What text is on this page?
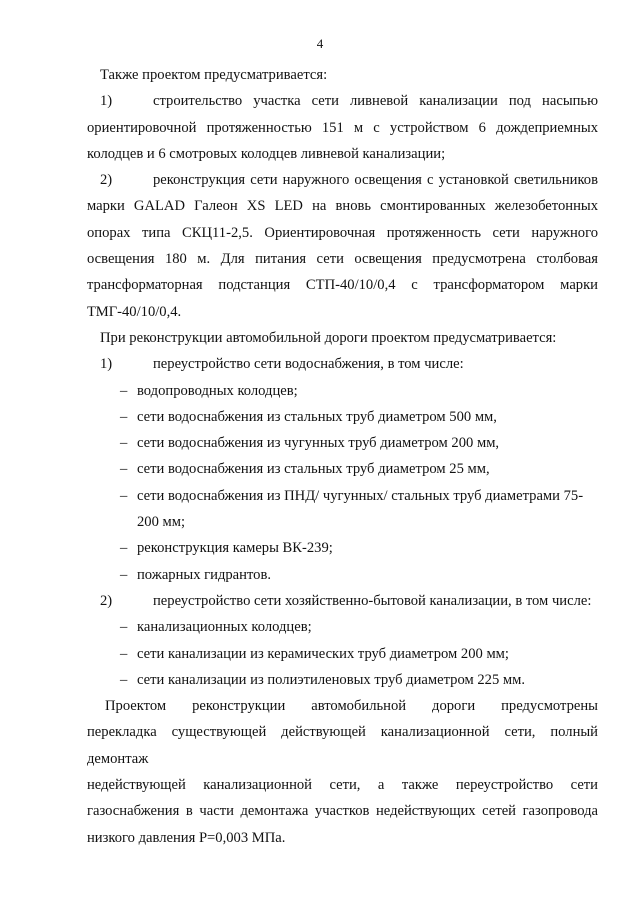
4

Также проектом предусматривается:

1)	строительство участка сети ливневой канализации под насыпью

ориентировочной протяженностью 151 м с устройством 6 дождеприемных колодцев и 6 смотровых колодцев ливневой канализации;

2)	реконструкция сети наружного освещения с установкой светильников

марки GALAD Галеон XS LED на вновь смонтированных железобетонных опорах типа СКЦ11-2,5. Ориентировочная протяженность сети наружного освещения 180 м. Для питания сети освещения предусмотрена столбовая трансформаторная подстанция СТП-40/10/0,4 с трансформатором марки ТМГ-40/10/0,4.

При реконструкции автомобильной дороги проектом предусматривается:

1)	переустройство сети водоснабжения, в том числе:
– водопроводных колодцев;
– сети водоснабжения из стальных труб диаметром 500 мм,
– сети водоснабжения из чугунных труб диаметром 200 мм,
– сети водоснабжения из стальных труб диаметром 25 мм,
– сети водоснабжения из ПНД/ чугунных/ стальных труб диаметрами 75-
200 мм;
– реконструкция камеры ВК-239;
– пожарных гидрантов.
2)	переустройство сети хозяйственно-бытовой канализации, в том числе:
– канализационных колодцев;
– сети канализации из керамических труб диаметром 200 мм;
– сети канализации из полиэтиленовых труб диаметром 225 мм.

Проектом реконструкции автомобильной дороги предусмотрены

перекладка существующей действующей канализационной сети, полный демонтаж

недействующей канализационной сети, а также переустройство сети

газоснабжения в части демонтажа участков недействующих сетей газопровода

низкого давления Р=0,003 МПа.
